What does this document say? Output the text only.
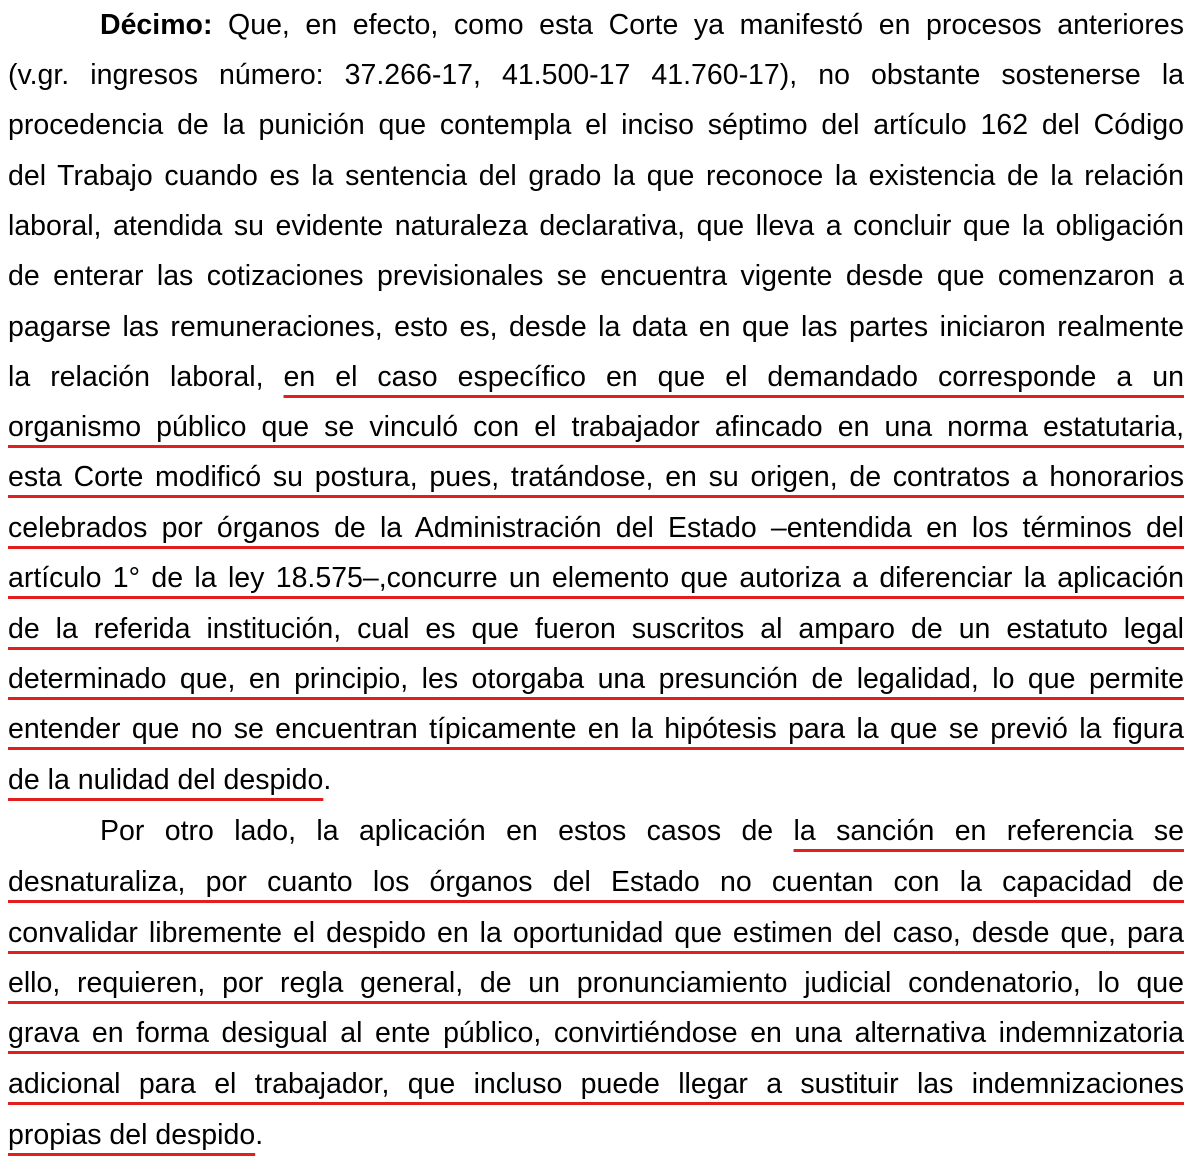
Décimo: Que, en efecto, como esta Corte ya manifestó en procesos anteriores
(v.gr. ingresos número: 37.266-17, 41.500-17 41.760-17), no obstante sostenerse la
procedencia de la punición que contempla el inciso séptimo del artículo 162 del Código
del Trabajo cuando es la sentencia del grado la que reconoce la existencia de la relación
laboral, atendida su evidente naturaleza declarativa, que lleva a concluir que la obligación
de enterar las cotizaciones previsionales se encuentra vigente desde que comenzaron a
pagarse las remuneraciones, esto es, desde la data en que las partes iniciaron realmente
la relación laboral, en el caso específico en que el demandado corresponde a un
organismo público que se vinculó con el trabajador afincado en una norma estatutaria,
esta Corte modificó su postura, pues, tratándose, en su origen, de contratos a honorarios
celebrados por órganos de la Administración del Estado –entendida en los términos del
artículo 1° de la ley 18.575–,concurre un elemento que autoriza a diferenciar la aplicación
de la referida institución, cual es que fueron suscritos al amparo de un estatuto legal
determinado que, en principio, les otorgaba una presunción de legalidad, lo que permite
entender que no se encuentran típicamente en la hipótesis para la que se previó la figura
de la nulidad del despido.
Por otro lado, la aplicación en estos casos de la sanción en referencia se
desnaturaliza, por cuanto los órganos del Estado no cuentan con la capacidad de
convalidar libremente el despido en la oportunidad que estimen del caso, desde que, para
ello, requieren, por regla general, de un pronunciamiento judicial condenatorio, lo que
grava en forma desigual al ente público, convirtiéndose en una alternativa indemnizatoria
adicional para el trabajador, que incluso puede llegar a sustituir las indemnizaciones
propias del despido.
